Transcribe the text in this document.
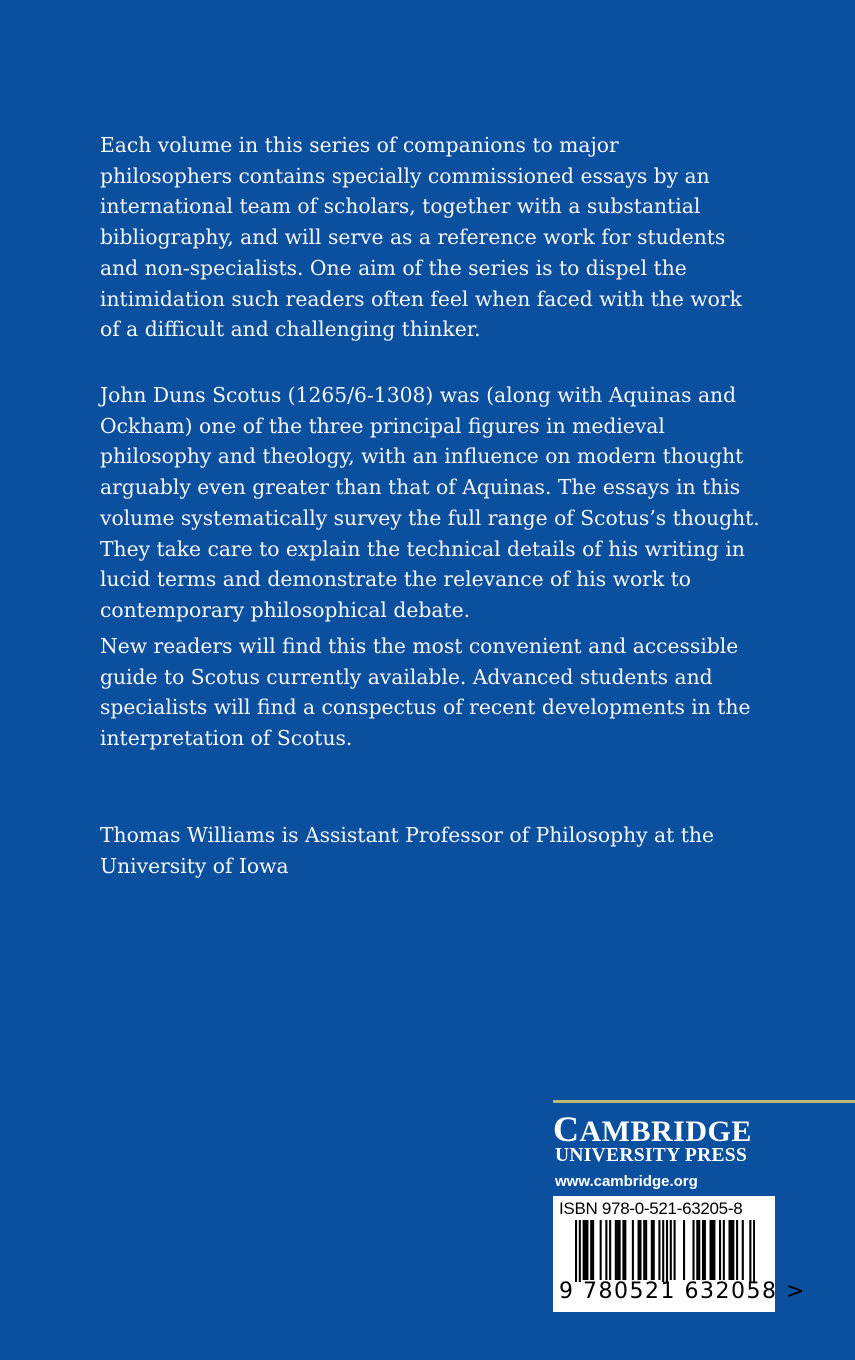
Each volume in this series of companions to major
philosophers contains specially commissioned essays by an
international team of scholars, together with a substantial
bibliography, and will serve as a reference work for students
and non-specialists. One aim of the series is to dispel the
intimidation such readers often feel when faced with the work
of a difficult and challenging thinker.
John Duns Scotus (1265/6-1308) was (along with Aquinas and
Ockham) one of the three principal figures in medieval
philosophy and theology, with an influence on modern thought
arguably even greater than that of Aquinas. The essays in this
volume systematically survey the full range of Scotus’s thought.
They take care to explain the technical details of his writing in
lucid terms and demonstrate the relevance of his work to
contemporary philosophical debate.
New readers will find this the most convenient and accessible
guide to Scotus currently available. Advanced students and
specialists will find a conspectus of recent developments in the
interpretation of Scotus.
Thomas Williams is Assistant Professor of Philosophy at the
University of Iowa
CAMBRIDGE
UNIVERSITY PRESS
www.cambridge.org
ISBN 978-0-521-63205-8
9 780521 632058 >
